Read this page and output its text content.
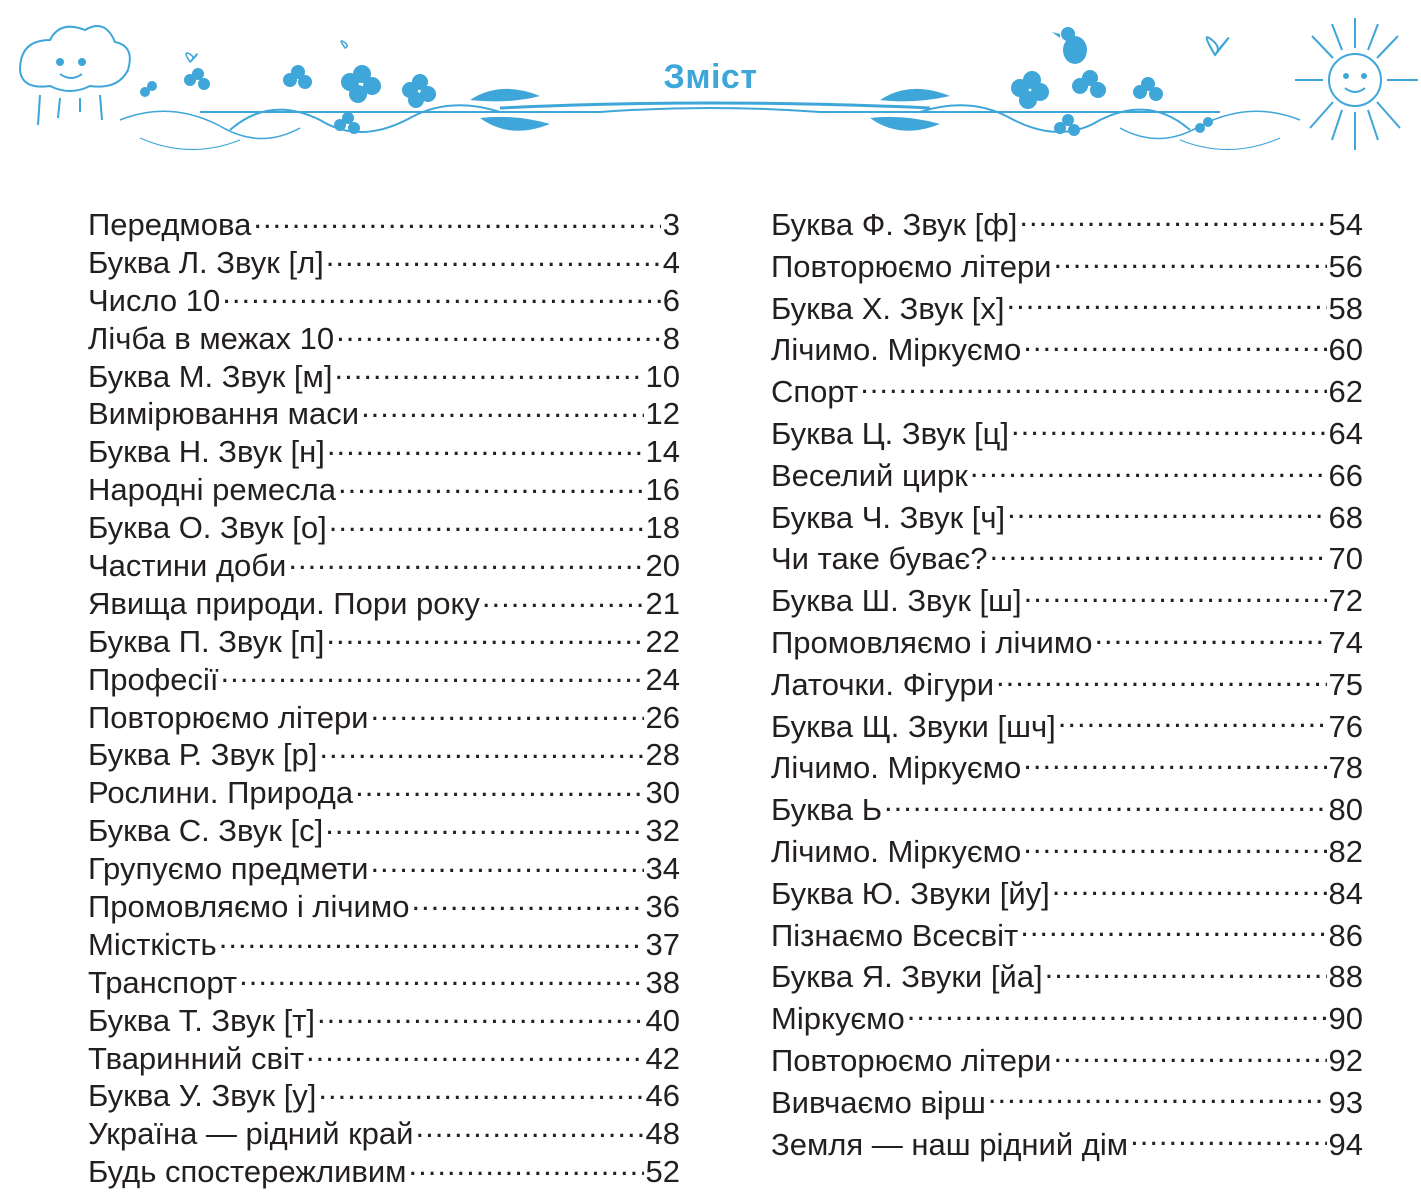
Зміст
Передмова .....	3
Буква Л. Звук [л] .....	4
Число 10 .....	6
Лічба в межах 10 .....	8
Буква М. Звук [м] .....	10
Вимірювання маси .....	12
Буква Н. Звук [н] .....	14
Народні ремесла .....	16
Буква О. Звук [о] .....	18
Частини доби .....	20
Явища природи. Пори року .....	21
Буква П. Звук [п] .....	22
Професії .....	24
Повторюємо літери .....	26
Буква Р. Звук [р] .....	28
Рослини. Природа .....	30
Буква С. Звук [с] .....	32
Групуємо предмети .....	34
Промовляємо і лічимо .....	36
Місткість .....	37
Транспорт .....	38
Буква Т. Звук [т] .....	40
Тваринний світ .....	42
Буква У. Звук [у] .....	46
Україна — рідний край .....	48
Будь спостережливим .....	52
Буква Ф. Звук [ф] .....	54
Повторюємо літери .....	56
Буква Х. Звук [х] .....	58
Лічимо. Міркуємо .....	60
Спорт .....	62
Буква Ц. Звук [ц] .....	64
Веселий цирк .....	66
Буква Ч. Звук [ч] .....	68
Чи таке буває? .....	70
Буква Ш. Звук [ш] .....	72
Промовляємо і лічимо .....	74
Латочки. Фігури .....	75
Буква Щ. Звуки [шч] .....	76
Лічимо. Міркуємо .....	78
Буква Ь .....	80
Лічимо. Міркуємо .....	82
Буква Ю. Звуки [йу] .....	84
Пізнаємо Всесвіт .....	86
Буква Я. Звуки [йа] .....	88
Міркуємо .....	90
Повторюємо літери .....	92
Вивчаємо вірш .....	93
Земля — наш рідний дім .....	94
